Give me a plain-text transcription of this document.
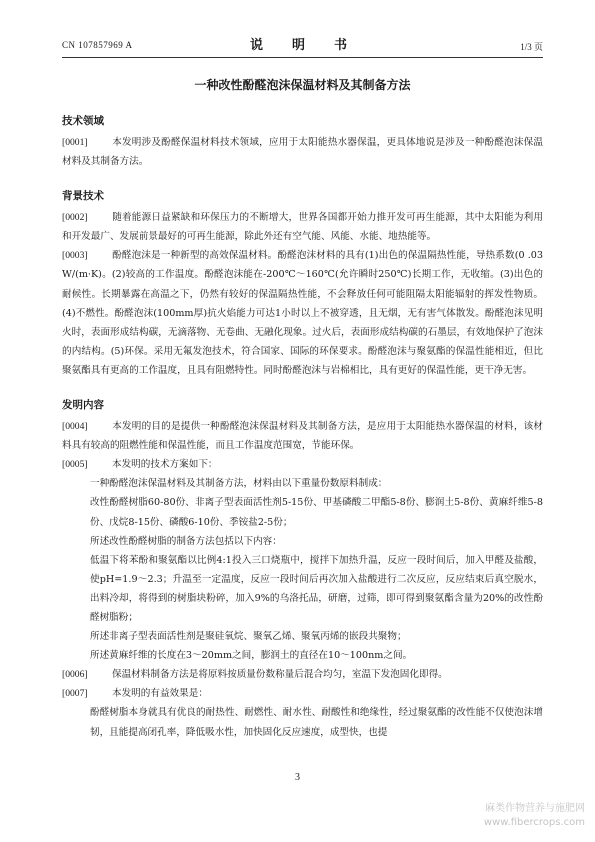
CN 107857969 A	说　明　书	1/3 页
一种改性酚醛泡沫保温材料及其制备方法
技术领域
[0001]	本发明涉及酚醛保温材料技术领域，应用于太阳能热水器保温，更具体地说是涉及一种酚醛泡沫保温材料及其制备方法。
背景技术
[0002]	随着能源日益紧缺和环保压力的不断增大，世界各国都开始力推开发可再生能源，其中太阳能为利用和开发最广、发展前景最好的可再生能源，除此外还有空气能、风能、水能、地热能等。
[0003]	酚醛泡沫是一种新型的高效保温材料。酚醛泡沫材料的具有(1)出色的保温隔热性能，导热系数(0 .03W/(m·K)。(2)较高的工作温度。酚醛泡沫能在-200℃～160℃(允许瞬时250℃)长期工作，无收缩。(3)出色的耐候性。长期暴露在高温之下，仍然有较好的保温隔热性能，不会释放任何可能阻隔太阳能辐射的挥发性物质。(4)不燃性。酚醛泡沫(100mm厚)抗火焰能力可达1小时以上不被穿透，且无烟，无有害气体散发。酚醛泡沫见明火时，表面形成结构碳，无滴落物、无卷曲、无融化现象。过火后，表面形成结构碳的石墨层，有效地保护了泡沫的内结构。(5)环保。采用无氟发泡技术，符合国家、国际的环保要求。酚醛泡沫与聚氨酯的保温性能相近，但比聚氨酯具有更高的工作温度，且具有阻燃特性。同时酚醛泡沫与岩棉相比，具有更好的保温性能，更干净无害。
发明内容
[0004]	本发明的目的是提供一种酚醛泡沫保温材料及其制备方法，是应用于太阳能热水器保温的材料，该材料具有较高的阻燃性能和保温性能，而且工作温度范围宽，节能环保。
[0005]	本发明的技术方案如下：
一种酚醛泡沫保温材料及其制备方法，材料由以下重量份数原料制成：
改性酚醛树脂60-80份、非离子型表面活性剂5-15份、甲基磷酸二甲酯5-8份、膨润土5-8份、黄麻纤维5-8份、戊烷8-15份、磷酸6-10份、季铵盐2-5份；
所述改性酚醛树脂的制备方法包括以下内容：
低温下将苯酚和聚氨酯以比例4:1投入三口烧瓶中，搅拌下加热升温，反应一段时间后，加入甲醛及盐酸，使pH=1.9～2.3；升温至一定温度，反应一段时间后再次加入盐酸进行二次反应，反应结束后真空脱水，出料冷却，将得到的树脂块粉碎，加入9%的乌洛托品，研磨，过筛，即可得到聚氨酯含量为20%的改性酚醛树脂粉；
所述非离子型表面活性剂是聚硅氧烷、聚氧乙烯、聚氧丙烯的嵌段共聚物；
所述黄麻纤维的长度在3～20mm之间，膨润土的直径在10～100nm之间。
[0006]	保温材料制备方法是将原料按质量份数称量后混合均匀，室温下发泡固化即得。
[0007]	本发明的有益效果是：
酚醛树脂本身就具有优良的耐热性、耐燃性、耐水性、耐酸性和绝缘性，经过聚氨酯的改性能不仅使泡沫增韧，且能提高闭孔率，降低吸水性，加快固化反应速度，成型快，也提
3
麻类作物营养与施肥网
www.fibercrops.com
